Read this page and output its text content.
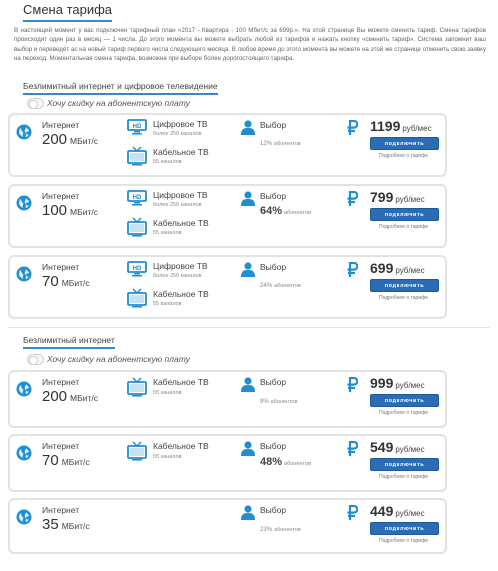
Смена тарифа

В настоящий момент у вас подключен тарифный план «2017 - Квартира - 100 Мбит/с за 699р.». На этой странице Вы можете сменить тариф. Смена тарифов происходит один раз в месяц — 1 числа. До этого момента вы можете выбрать любой из тарифов и нажать кнопку «сменить тариф». Система запомнит ваш выбор и переведёт ас на новый тариф первого числа следующего месяца. В любое время до этого момента вы можете на этой же странице отменить свою заявку на переход. Моментальная смена тарифа, возможна при выборе более дорогостоящего тарифа.

Безлимитный интернет и цифровое телевидение
Хочу скидку на абонентскую плату
Интернет
200 МБит/с
HD Цифровое ТВ
более 250 каналов
Кабельное ТВ
55 каналов
Выбор
12% абонентов
1199 руб/мес
подключить
Подробнее о тарифе
Интернет
100 МБит/с
HD Цифровое ТВ
более 250 каналов
Кабельное ТВ
55 каналов
Выбор
64% абонентов
799 руб/мес
подключить
Подробнее о тарифе
Интернет
70 МБит/с
HD Цифровое ТВ
более 250 каналов
Кабельное ТВ
55 каналов
Выбор
24% абонентов
699 руб/мес
подключить
Подробнее о тарифе
Безлимитный интернет
Хочу скидку на абонентскую плату
Интернет
200 МБит/с
Кабельное ТВ
55 каналов
Выбор
9% абонентов
999 руб/мес
подключить
Подробнее о тарифе
Интернет
70 МБит/с
Кабельное ТВ
55 каналов
Выбор
48% абонентов
549 руб/мес
подключить
Подробнее о тарифе
Интернет
35 МБит/с
Выбор
23% абонентов
449 руб/мес
подключить
Подробнее о тарифе
